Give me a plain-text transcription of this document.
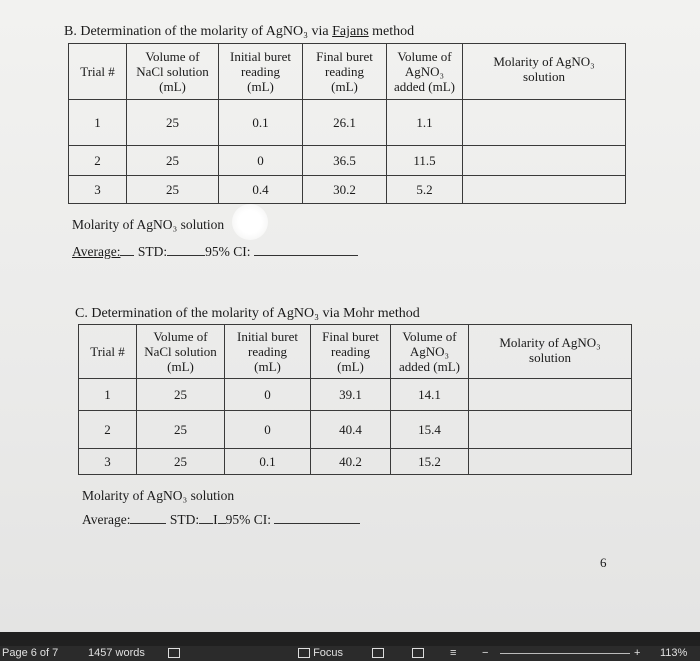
B. Determination of the molarity of AgNO₃ via Fajans method
Trial #	Volume of
NaCl solution
(mL)	Initial buret
reading
(mL)	Final buret
reading
(mL)	Volume of
AgNO₃
added (mL)	Molarity of AgNO₃
solution

1	25	0.1	26.1	1.1	
2	25	0	36.5	11.5	
3	25	0.4	30.2	5.2	
Molarity of AgNO₃ solution
Average: STD:	95% CI:
C. Determination of the molarity of AgNO₃ via Mohr method
Trial #	Volume of
NaCl solution
(mL)	Initial buret
reading
(mL)	Final buret
reading
(mL)	Volume of
AgNO₃
added (mL)	Molarity of AgNO₃
solution

1	25	0	39.1	14.1	
2	25	0	40.4	15.4	
3	25	0.1	40.2	15.2	
Molarity of AgNO₃ solution
Average:	STD: I 95% CI:
6
Page 6 of 7	1457 words	Focus	≡ −	+ 113%
